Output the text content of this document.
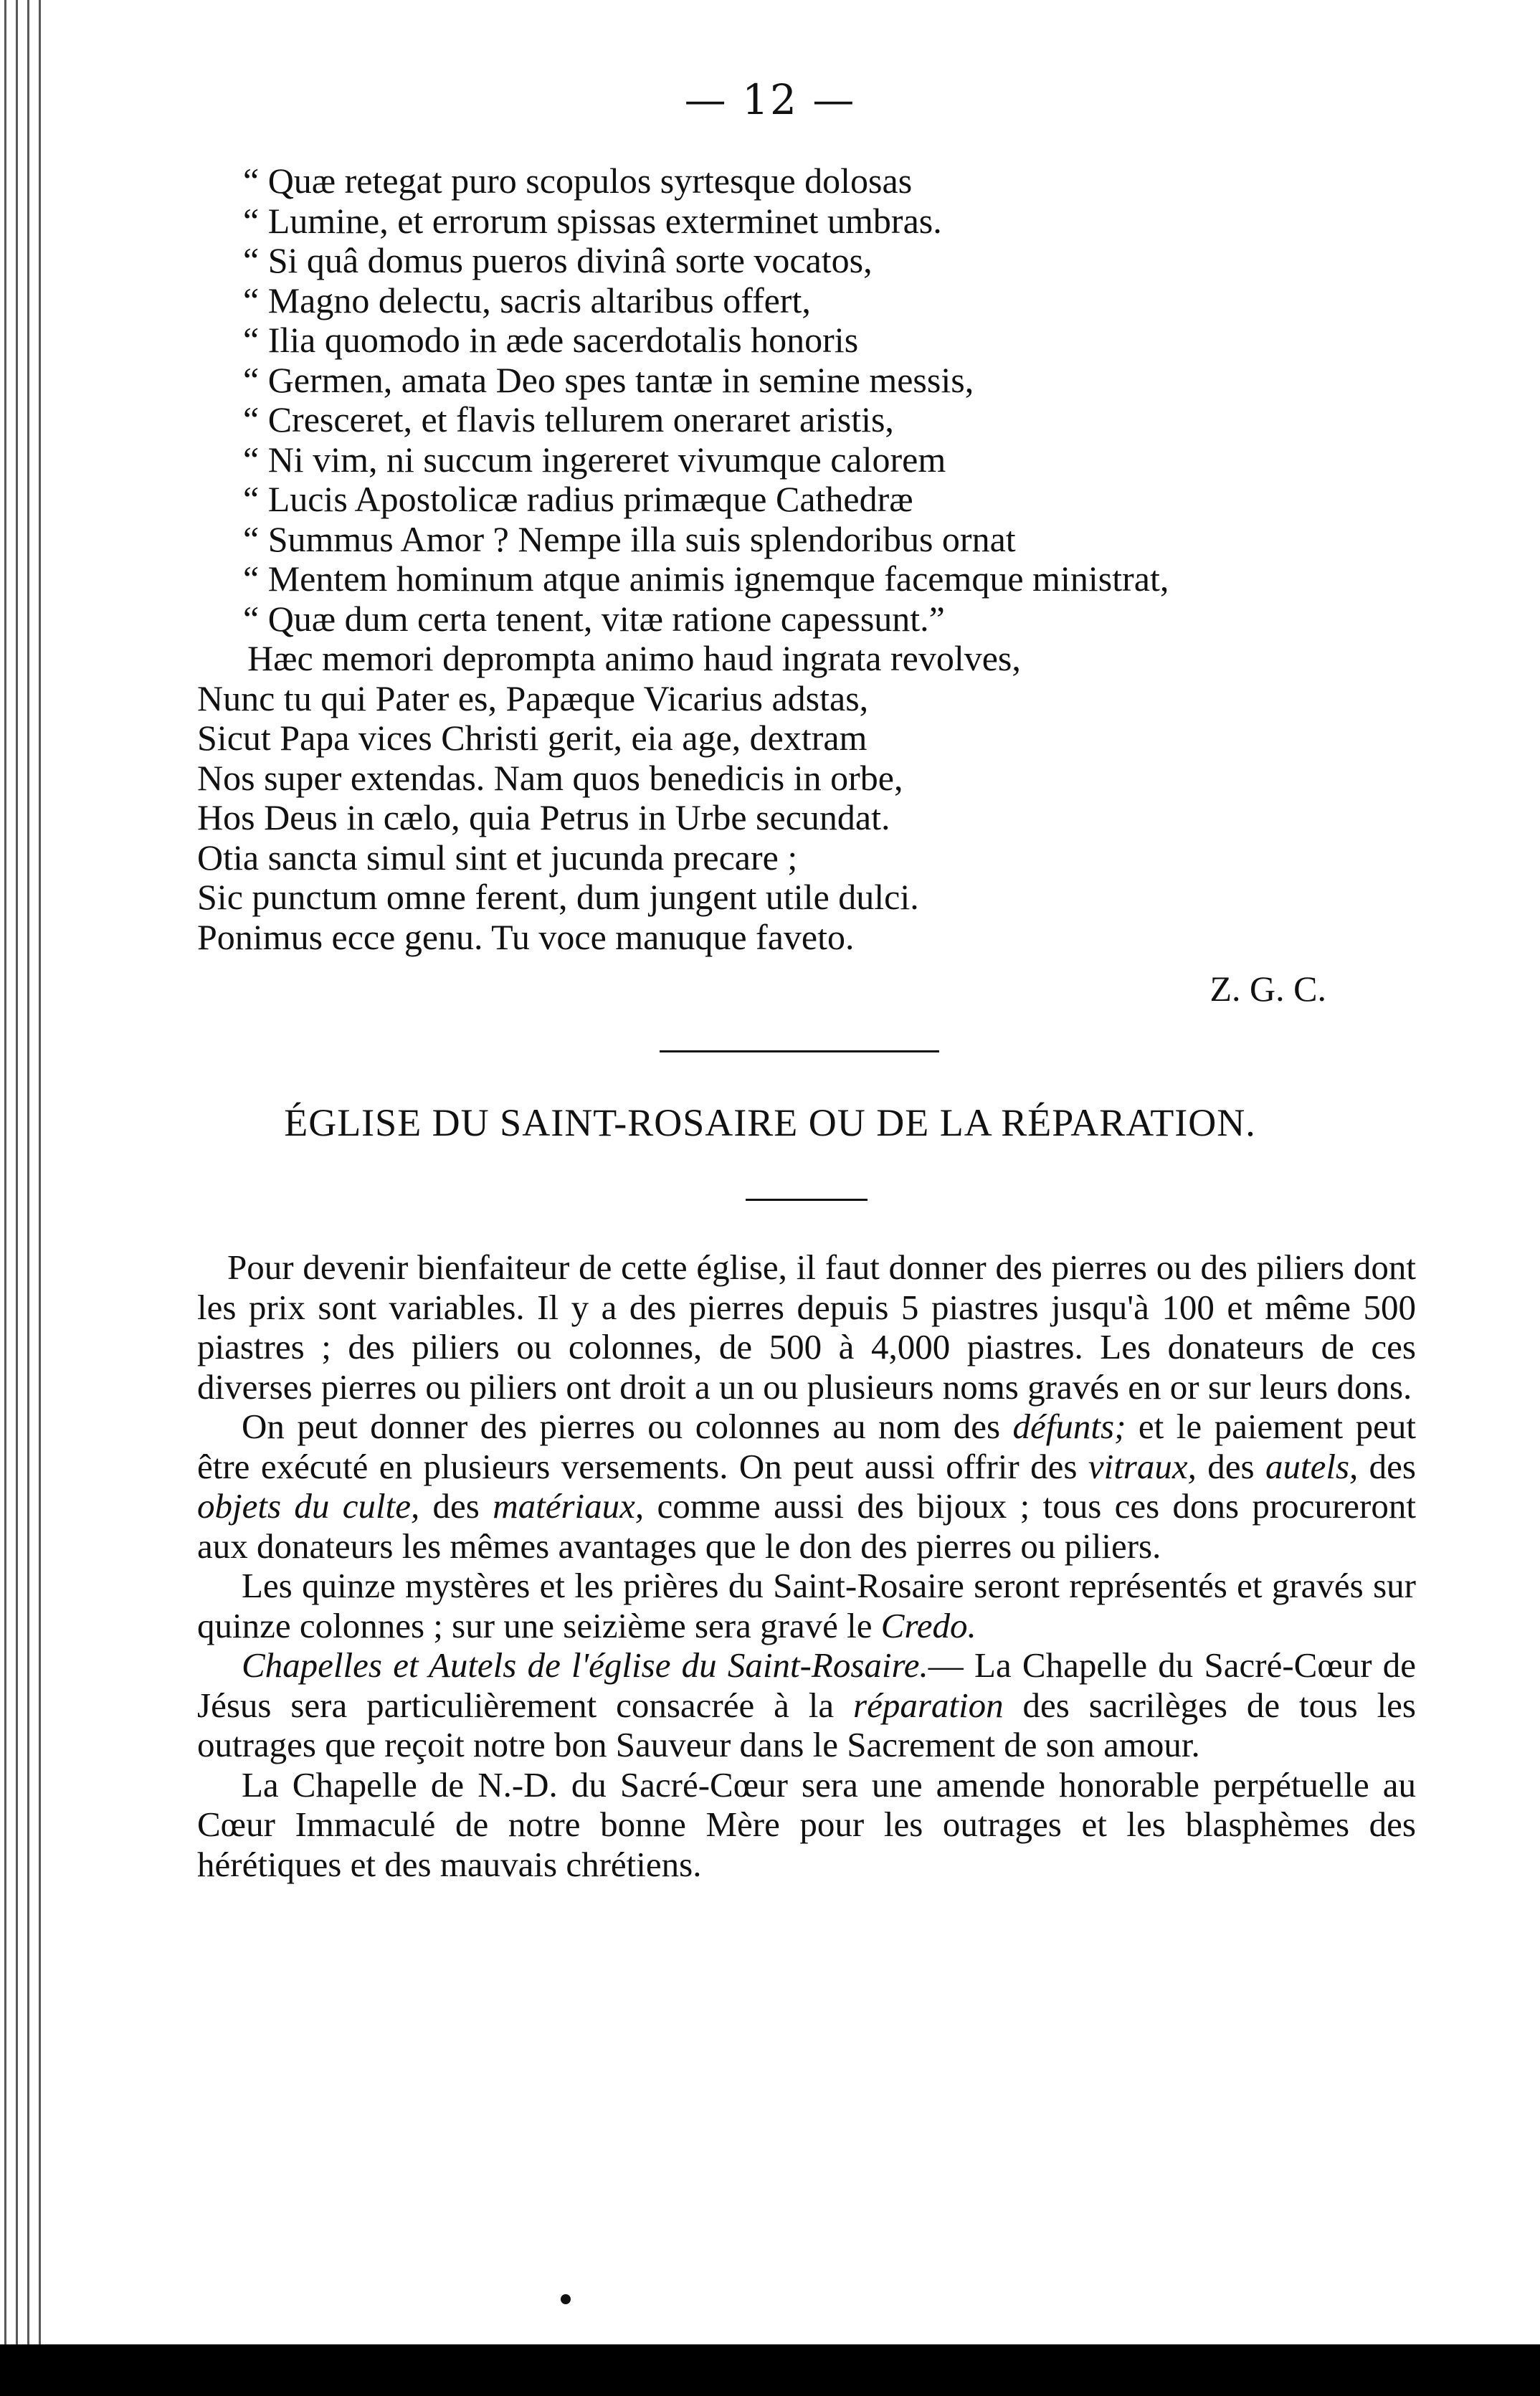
— 12 —
“ Quæ retegat puro scopulos syrtesque dolosas
“ Lumine, et errorum spissas exterminet umbras.
“ Si quâ domus pueros divinâ sorte vocatos,
“ Magno delectu, sacris altaribus offert,
“ Ilia quomodo in æde sacerdotalis honoris
“ Germen, amata Deo spes tantæ in semine messis,
“ Cresceret, et flavis tellurem oneraret aristis,
“ Ni vim, ni succum ingereret vivumque calorem
“ Lucis Apostolicæ radius primæque Cathedræ
“ Summus Amor ? Nempe illa suis splendoribus ornat
“ Mentem hominum atque animis ignemque facemque ministrat,
“ Quæ dum certa tenent, vitæ ratione capessunt.”
Hæc memori deprompta animo haud ingrata revolves,
Nunc tu qui Pater es, Papæque Vicarius adstas,
Sicut Papa vices Christi gerit, eia age, dextram
Nos super extendas. Nam quos benedicis in orbe,
Hos Deus in cælo, quia Petrus in Urbe secundat.
Otia sancta simul sint et jucunda precare ;
Sic punctum omne ferent, dum jungent utile dulci.
Ponimus ecce genu. Tu voce manuque faveto.
Z. G. C.
ÉGLISE DU SAINT-ROSAIRE OU DE LA RÉPARATION.

Pour devenir bienfaiteur de cette église, il faut donner des pierres ou des piliers dont les prix sont variables. Il y a des pierres depuis 5 piastres jusqu'à 100 et même 500 piastres ; des piliers ou colonnes, de 500 à 4,000 piastres. Les donateurs de ces diverses pierres ou piliers ont droit a un ou plusieurs noms gravés en or sur leurs dons.

On peut donner des pierres ou colonnes au nom des défunts; et le paiement peut être exécuté en plusieurs versements. On peut aussi offrir des vitraux, des autels, des objets du culte, des matériaux, comme aussi des bijoux ; tous ces dons procureront aux donateurs les mêmes avantages que le don des pierres ou piliers.

Les quinze mystères et les prières du Saint-Rosaire seront représentés et gravés sur quinze colonnes ; sur une seizième sera gravé le Credo.

Chapelles et Autels de l'église du Saint-Rosaire.— La Chapelle du Sacré-Cœur de Jésus sera particulièrement consacrée à la réparation des sacrilèges de tous les outrages que reçoit notre bon Sauveur dans le Sacrement de son amour.

La Chapelle de N.-D. du Sacré-Cœur sera une amende honorable perpétuelle au Cœur Immaculé de notre bonne Mère pour les outrages et les blasphèmes des hérétiques et des mauvais chrétiens.
